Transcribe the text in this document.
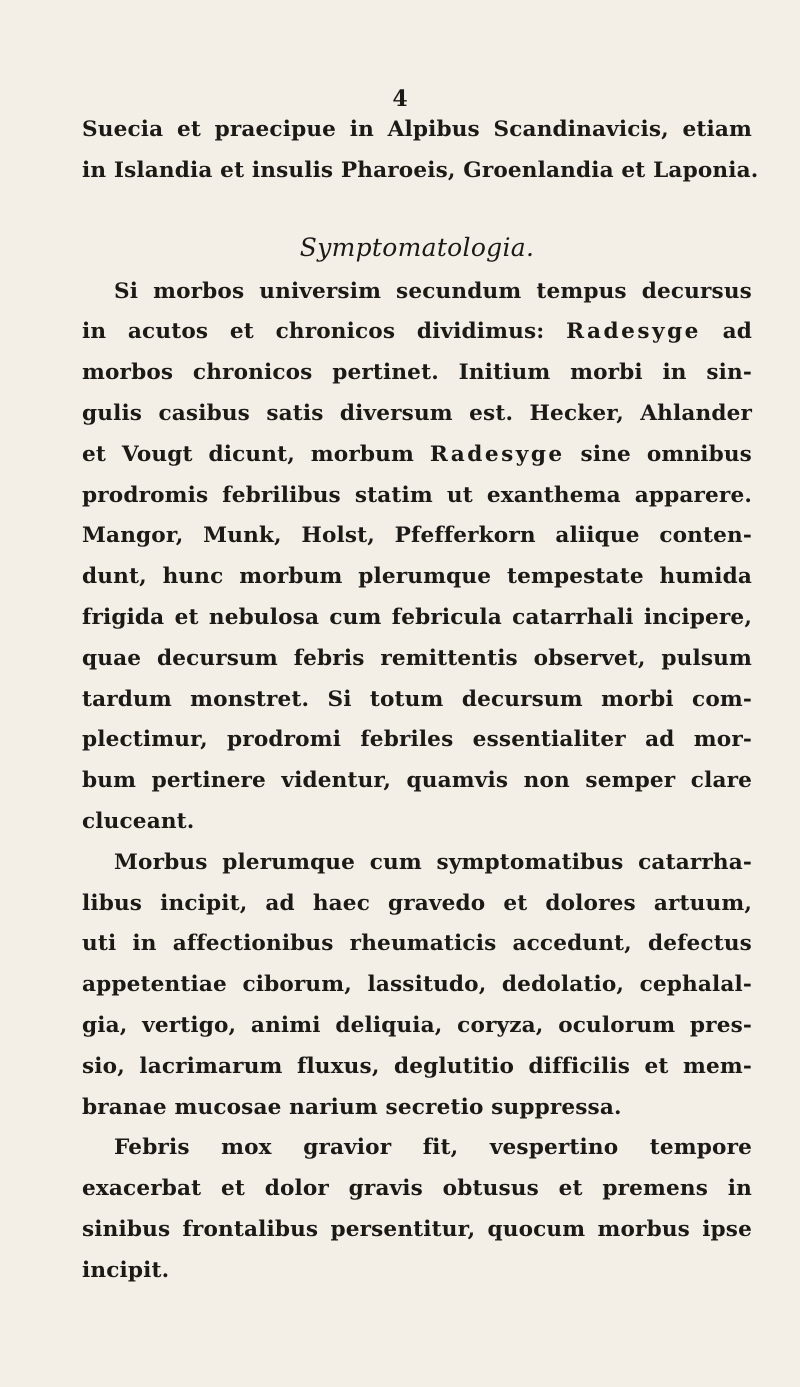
4

Suecia et praecipue in Alpibus Scandinavicis, etiam
in Islandia et insulis Pharoeis, Groenlandia et Laponia.

Symptomatologia.

Si morbos universim secundum tempus decursus
in acutos et chronicos dividimus: Radesyge ad
morbos chronicos pertinet. Initium morbi in sin-
gulis casibus satis diversum est. Hecker, Ahlander
et Vougt dicunt, morbum Radesyge sine omnibus
prodromis febrilibus statim ut exanthema apparere.
Mangor, Munk, Holst, Pfefferkorn aliique conten-
dunt, hunc morbum plerumque tempestate humida
frigida et nebulosa cum febricula catarrhali incipere,
quae decursum febris remittentis observet, pulsum
tardum monstret. Si totum decursum morbi com-
plectimur, prodromi febriles essentialiter ad mor-
bum pertinere videntur, quamvis non semper clare
cluceant.

Morbus plerumque cum symptomatibus catarrha-
libus incipit, ad haec gravedo et dolores artuum,
uti in affectionibus rheumaticis accedunt, defectus
appetentiae ciborum, lassitudo, dedolatio, cephalal-
gia, vertigo, animi deliquia, coryza, oculorum pres-
sio, lacrimarum fluxus, deglutitio difficilis et mem-
branae mucosae narium secretio suppressa.

Febris mox gravior fit, vespertino tempore
exacerbat et dolor gravis obtusus et premens in
sinibus frontalibus persentitur, quocum morbus ipse
incipit.
